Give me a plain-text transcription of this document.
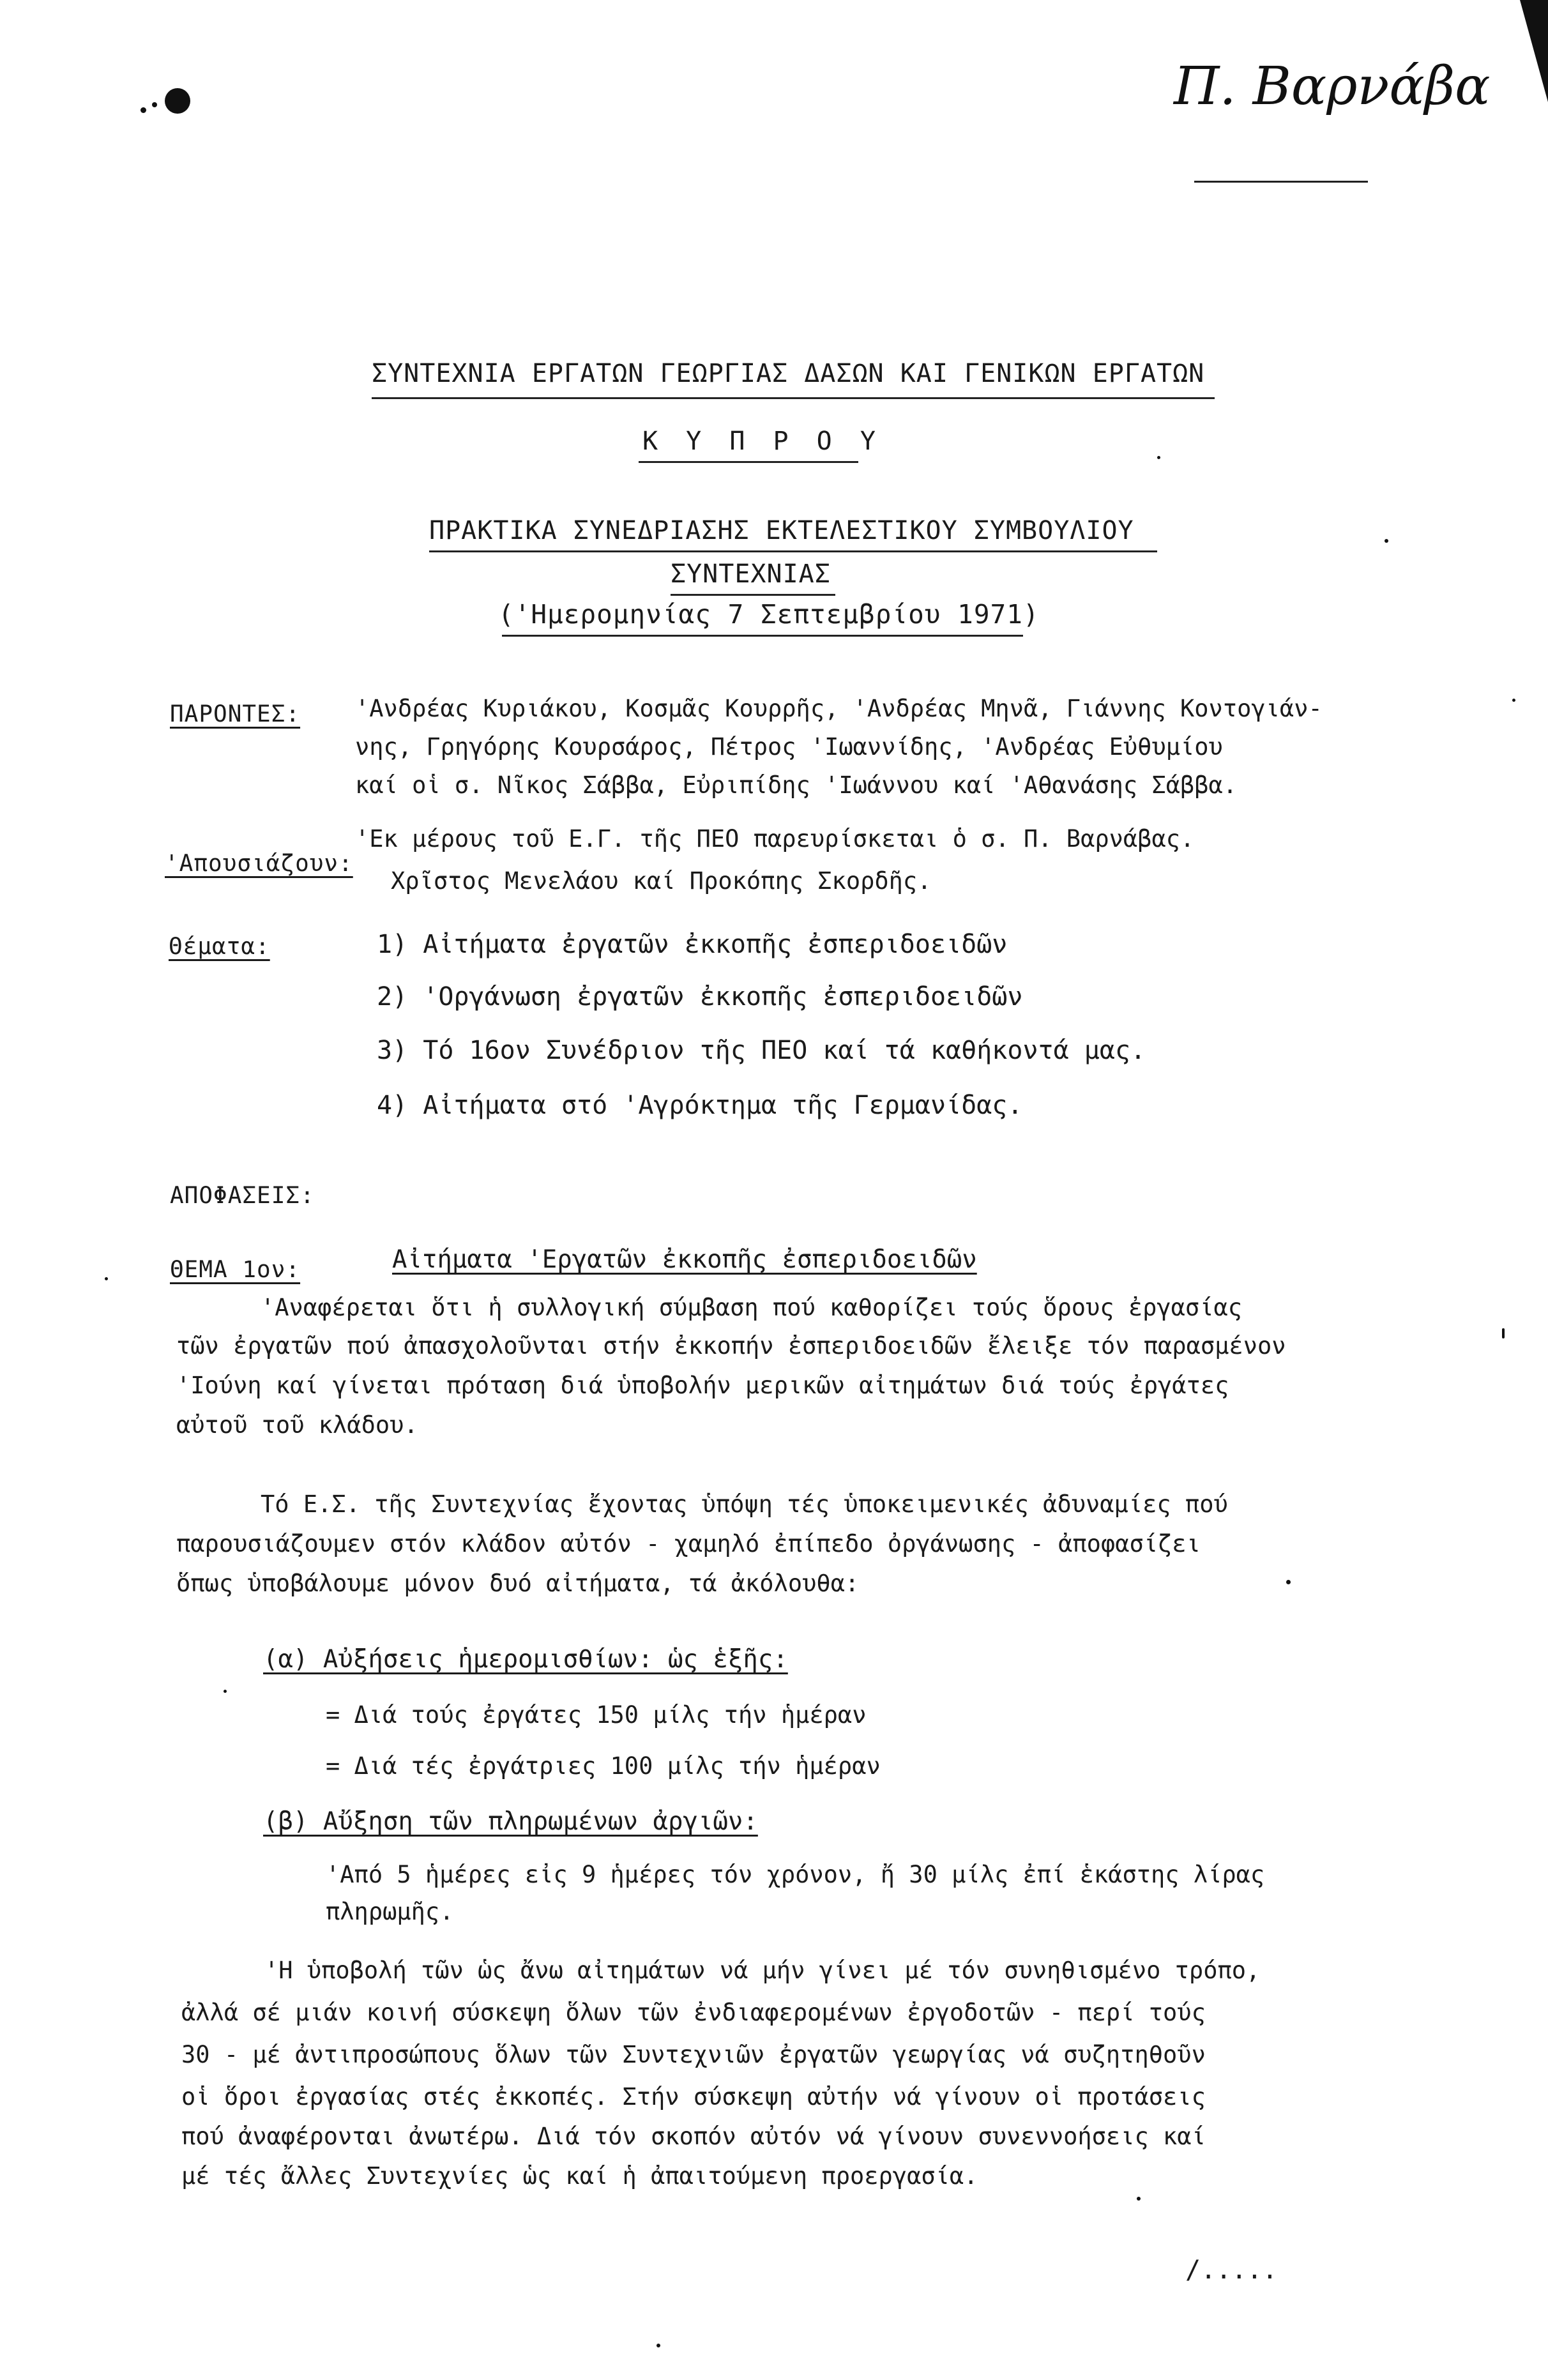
Π. Βαρνάβα
ΣΥΝΤΕΧΝΙΑ ΕΡΓΑΤΩΝ ΓΕΩΡΓΙΑΣ ΔΑΣΩΝ ΚΑΙ ΓΕΝΙΚΩΝ ΕΡΓΑΤΩΝ
Κ Υ Π Ρ Ο Υ
ΠΡΑΚΤΙΚΑ ΣΥΝΕΔΡΙΑΣΗΣ ΕΚΤΕΛΕΣΤΙΚΟΥ ΣΥΜΒΟΥΛΙΟΥ
ΣΥΝΤΕΧΝΙΑΣ
('Ημερομηνίας 7 Σεπτεμβρίου 1971)
ΠΑΡΟΝΤΕΣ: 'Ανδρέας Κυριάκου, Κοσμᾶς Κουρρῆς, 'Ανδρέας Μηνᾶ, Γιάννης Κοντογιάν-
νης, Γρηγόρης Κουρσάρος, Πέτρος 'Ιωαννίδης, 'Ανδρέας Εὐθυμίου
καί οἱ σ. Νῖκος Σάββα, Εὐριπίδης 'Ιωάννου καί 'Αθανάσης Σάββα.
'Εκ μέρους τοῦ Ε.Γ. τῆς ΠΕΟ παρευρίσκεται ὁ σ. Π. Βαρνάβας.
'Απουσιάζουν:
Χρῖστος Μενελάου καί Προκόπης Σκορδῆς.
Θέματα:	1) Αἰτήματα ἐργατῶν ἐκκοπῆς ἐσπεριδοειδῶν
2) 'Οργάνωση ἐργατῶν ἐκκοπῆς ἐσπεριδοειδῶν
3) Τό 16ον Συνέδριον τῆς ΠΕΟ καί τά καθήκοντά μας.
4) Αἰτήματα στό 'Αγρόκτημα τῆς Γερμανίδας.
ΑΠΟΦΑΣΕΙΣ:
ΘΕΜΑ 1ον:	Αἰτήματα 'Εργατῶν ἐκκοπῆς ἐσπεριδοειδῶν
'Αναφέρεται ὅτι ἡ συλλογική σύμβαση πού καθορίζει τούς ὅρους ἐργασίας
τῶν ἐργατῶν πού ἀπασχολοῦνται στήν ἐκκοπήν ἐσπεριδοειδῶν ἔλειξε τόν παρασμένον
'Ιούνη καί γίνεται πρόταση διά ὑποβολήν μερικῶν αἰτημάτων διά τούς ἐργάτες
αὐτοῦ τοῦ κλάδου.
Τό Ε.Σ. τῆς Συντεχνίας ἔχοντας ὑπόψη τές ὑποκειμενικές ἀδυναμίες πού
παρουσιάζουμεν στόν κλάδον αὐτόν - χαμηλό ἐπίπεδο ὀργάνωσης - ἀποφασίζει
ὅπως ὑποβάλουμε μόνον δυό αἰτήματα, τά ἀκόλουθα:
(α) Αὐξήσεις ἡμερομισθίων: ὡς ἑξῆς:
= Διά τούς ἐργάτες 150 μίλς τήν ἡμέραν
= Διά τές ἐργάτριες 100 μίλς τήν ἡμέραν
(β) Αὔξηση τῶν πληρωμένων ἀργιῶν:
'Από 5 ἡμέρες εἰς 9 ἡμέρες τόν χρόνον, ἤ 30 μίλς ἐπί ἑκάστης λίρας
πληρωμῆς.
'Η ὑποβολή τῶν ὡς ἄνω αἰτημάτων νά μήν γίνει μέ τόν συνηθισμένο τρόπο,
ἀλλά σέ μιάν κοινή σύσκεψη ὅλων τῶν ἐνδιαφερομένων ἐργοδοτῶν - περί τούς
30 - μέ ἀντιπροσώπους ὅλων τῶν Συντεχνιῶν ἐργατῶν γεωργίας νά συζητηθοῦν
οἱ ὅροι ἐργασίας στές ἐκκοπές. Στήν σύσκεψη αὐτήν νά γίνουν οἱ προτάσεις
πού ἀναφέρονται ἀνωτέρω. Διά τόν σκοπόν αὐτόν νά γίνουν συνεννοήσεις καί
μέ τές ἄλλες Συντεχνίες ὡς καί ἡ ἀπαιτούμενη προεργασία.
/.....
